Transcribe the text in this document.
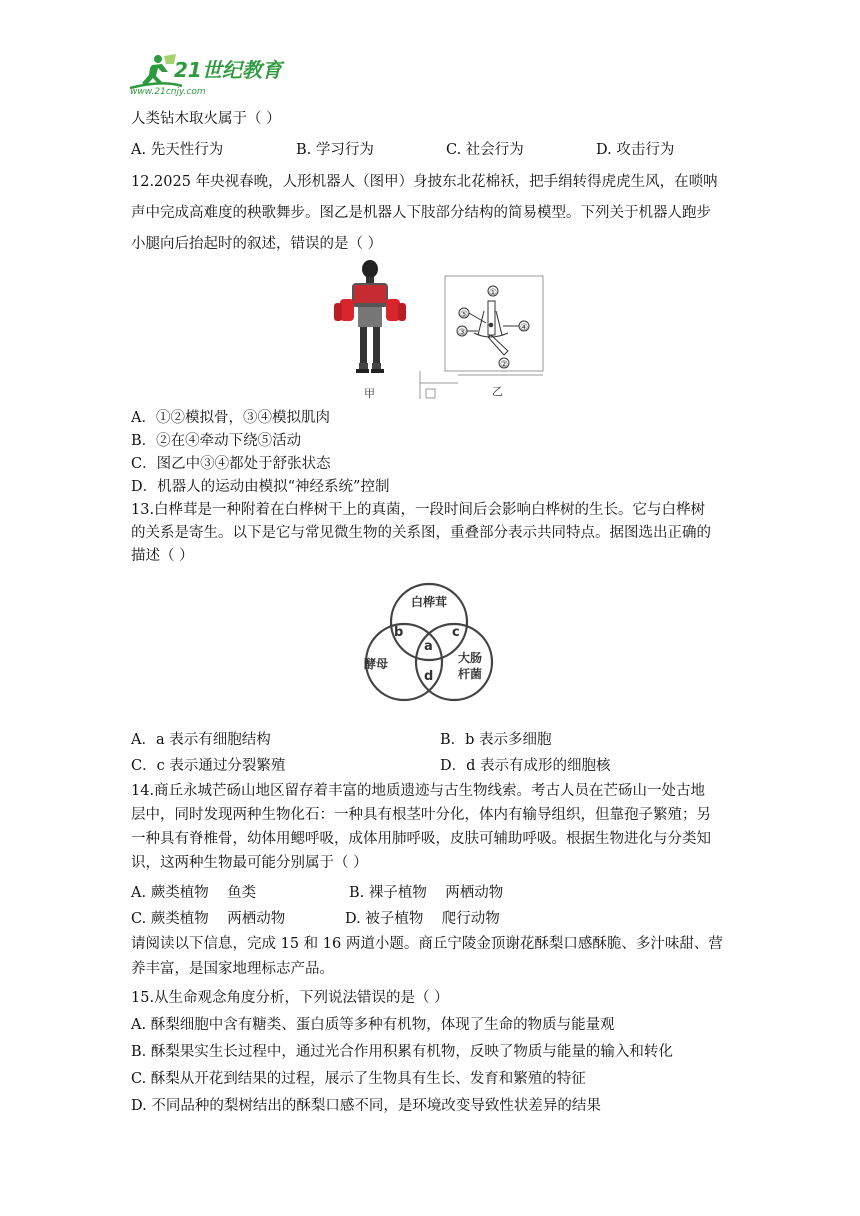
21世纪教育
www.21cnjy.com
人类钻木取火属于（ ）
A. 先天性行为	B. 学习行为	C. 社会行为	D. 攻击行为
12.2025 年央视春晚，人形机器人（图甲）身披东北花棉袄，把手绢转得虎虎生风，在唢呐
声中完成高难度的秧歌舞步。图乙是机器人下肢部分结构的简易模型。下列关于机器人跑步
小腿向后抬起时的叙述，错误的是（ ）
甲
①
②
③	④
⑤
乙
A．①②模拟骨，③④模拟肌肉
B．②在④牵动下绕⑤活动
C．图乙中③④都处于舒张状态
D．机器人的运动由模拟“神经系统”控制
13.白桦茸是一种附着在白桦树干上的真菌，一段时间后会影响白桦树的生长。它与白桦树
的关系是寄生。以下是它与常见微生物的关系图，重叠部分表示共同特点。据图选出正确的
描述（ ）
白桦茸
酵母	大肠
杆菌
a
b	c
d
A．a 表示有细胞结构	B．b 表示多细胞
C．c 表示通过分裂繁殖	D．d 表示有成形的细胞核
14.商丘永城芒砀山地区留存着丰富的地质遗迹与古生物线索。考古人员在芒砀山一处古地
层中，同时发现两种生物化石：一种具有根茎叶分化，体内有输导组织，但靠孢子繁殖；另
一种具有脊椎骨，幼体用鳃呼吸，成体用肺呼吸，皮肤可辅助呼吸。根据生物进化与分类知
识，这两种生物最可能分别属于（ ）
A. 蕨类植物    鱼类	B. 裸子植物    两栖动物
C. 蕨类植物    两栖动物	D. 被子植物    爬行动物
请阅读以下信息，完成 15 和 16 两道小题。商丘宁陵金顶谢花酥梨口感酥脆、多汁味甜、营
养丰富，是国家地理标志产品。
15.从生命观念角度分析，下列说法错误的是（ ）
A. 酥梨细胞中含有糖类、蛋白质等多种有机物，体现了生命的物质与能量观
B. 酥梨果实生长过程中，通过光合作用积累有机物，反映了物质与能量的输入和转化
C. 酥梨从开花到结果的过程，展示了生物具有生长、发育和繁殖的特征
D. 不同品种的梨树结出的酥梨口感不同，是环境改变导致性状差异的结果
